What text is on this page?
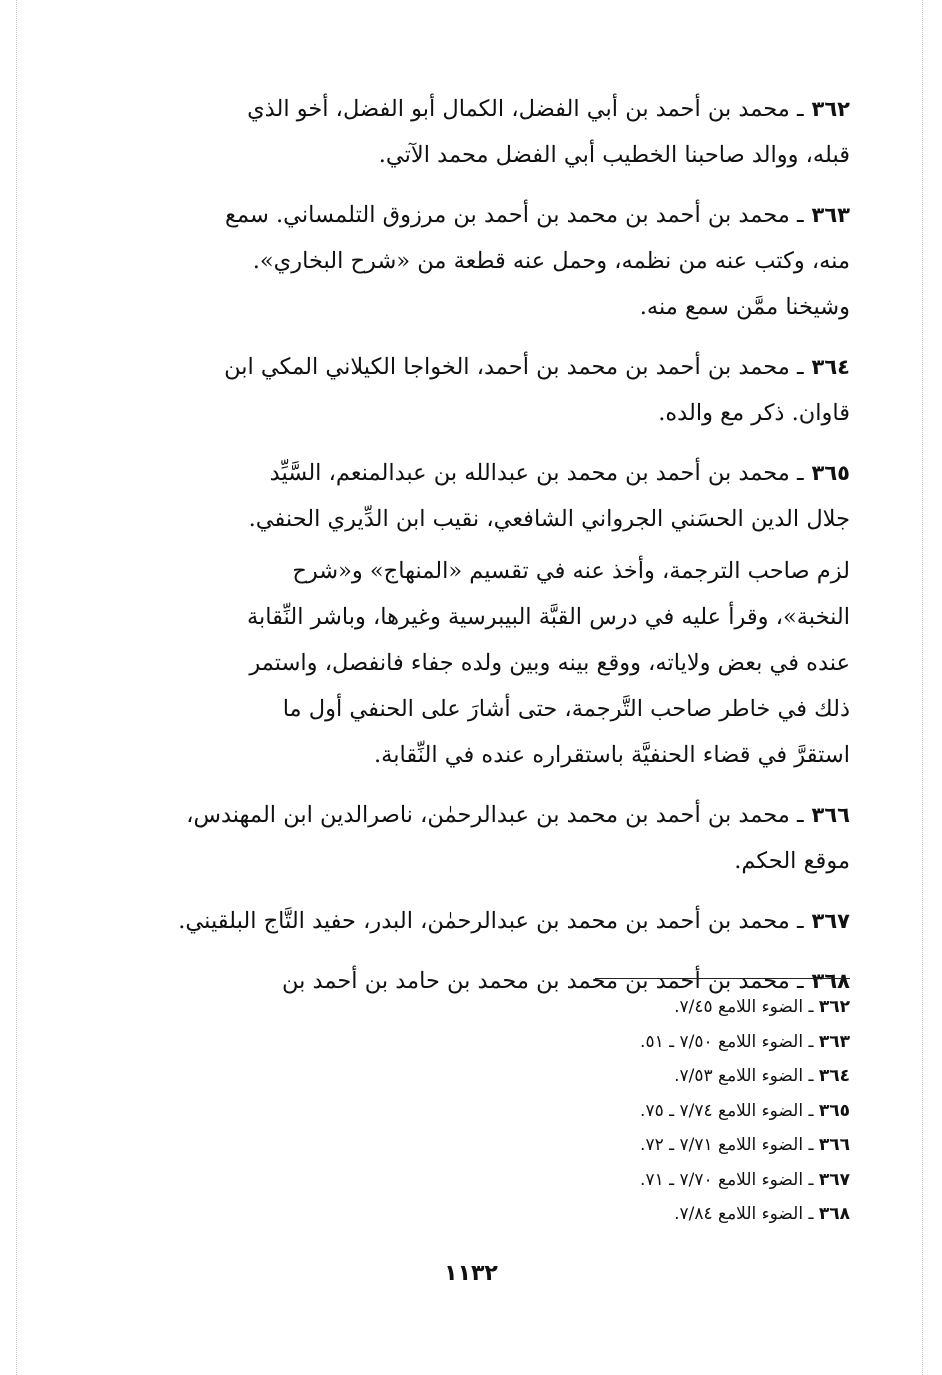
٣٦٢ـ محمد بن أحمد بن أبي الفضل، الكمال أبو الفضل، أخو الذي
قبله، ووالد صاحبنا الخطيب أبي الفضل محمد الآتي.
٣٦٣ـ محمد بن أحمد بن محمد بن أحمد بن مرزوق التلمساني. سمع
منه، وكتب عنه من نظمه، وحمل عنه قطعة من «شرح البخاري».
وشيخنا ممَّن سمع منه.
٣٦٤ـ محمد بن أحمد بن محمد بن أحمد، الخواجا الكيلاني المكي ابن
قاوان. ذكر مع والده.
٣٦٥ـ محمد بن أحمد بن محمد بن عبدالله بن عبدالمنعم، السَّيِّد
جلال الدين الحسَني الجرواني الشافعي، نقيب ابن الدِّيري الحنفي.
لزم صاحب الترجمة، وأخذ عنه في تقسيم «المنهاج» و«شرح
النخبة»، وقرأ عليه في درس القبَّة البيبرسية وغيرها، وباشر النِّقابة
عنده في بعض ولاياته، ووقع بينه وبين ولده جفاء فانفصل، واستمر
ذلك في خاطر صاحب التَّرجمة، حتى أشارَ على الحنفي أول ما
استقرَّ في قضاء الحنفيَّة باستقراره عنده في النِّقابة.
٣٦٦ـ محمد بن أحمد بن محمد بن عبدالرحمٰن، ناصرالدين ابن المهندس،
موقع الحكم.
٣٦٧ـ محمد بن أحمد بن محمد بن عبدالرحمٰن، البدر، حفيد التَّاج البلقيني.
٣٦٨ـ محمد بن أحمد بن محمد بن محمد بن حامد بن أحمد بن
٣٦٢ ـ الضوء اللامع ٧/٤٥.
٣٦٣ ـ الضوء اللامع ٧/٥٠ ـ ٥١.
٣٦٤ ـ الضوء اللامع ٧/٥٣.
٣٦٥ ـ الضوء اللامع ٧/٧٤ ـ ٧٥.
٣٦٦ ـ الضوء اللامع ٧/٧١ ـ ٧٢.
٣٦٧ ـ الضوء اللامع ٧/٧٠ ـ ٧١.
٣٦٨ ـ الضوء اللامع ٧/٨٤.
١١٣٢
